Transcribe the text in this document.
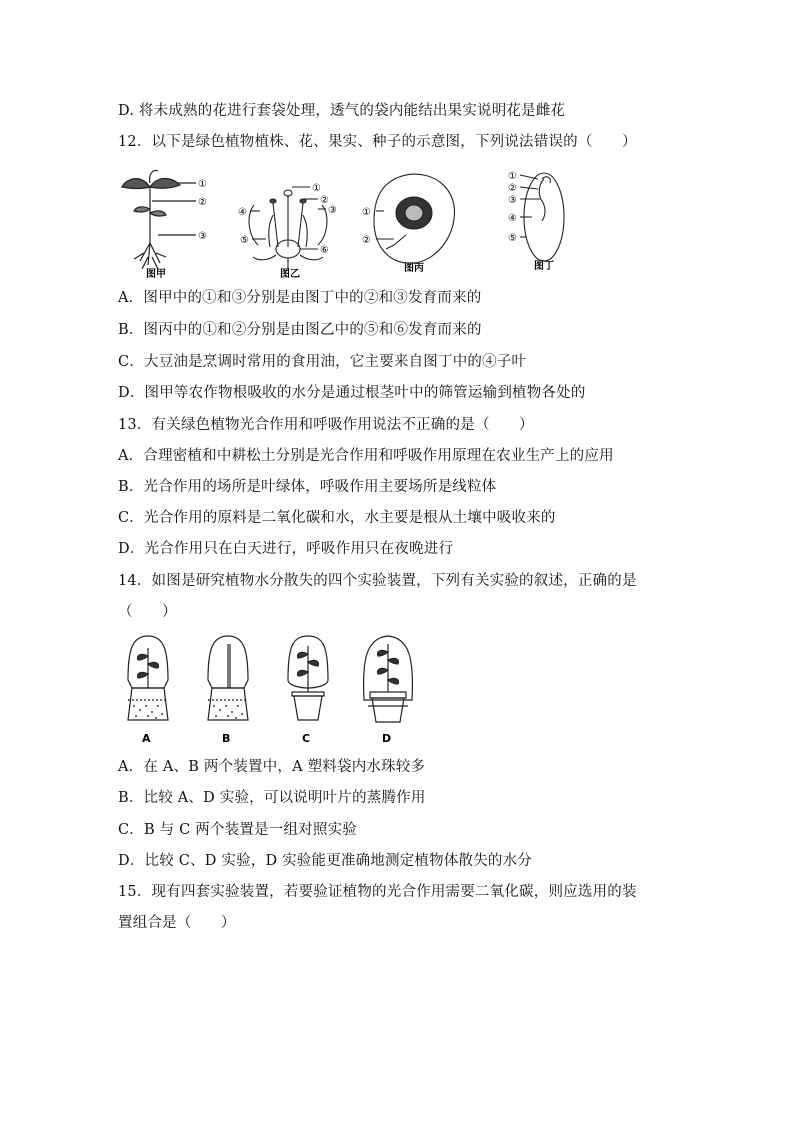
D. 将未成熟的花进行套袋处理，透气的袋内能结出果实说明花是雌花
12．以下是绿色植物植株、花、果实、种子的示意图，下列说法错误的（　　）
①
②
③
图甲
①
②
③
④
⑤
⑥
图乙
①
②
图丙
①
②
③
④
⑤
图丁
A．图甲中的①和③分别是由图丁中的②和③发育而来的
B．图丙中的①和②分别是由图乙中的⑤和⑥发育而来的
C．大豆油是烹调时常用的食用油，它主要来自图丁中的④子叶
D．图甲等农作物根吸收的水分是通过根茎叶中的筛管运输到植物各处的
13．有关绿色植物光合作用和呼吸作用说法不正确的是（　　）
A．合理密植和中耕松土分别是光合作用和呼吸作用原理在农业生产上的应用
B．光合作用的场所是叶绿体，呼吸作用主要场所是线粒体
C．光合作用的原料是二氧化碳和水，水主要是根从土壤中吸收来的
D．光合作用只在白天进行，呼吸作用只在夜晚进行
14．如图是研究植物水分散失的四个实验装置，下列有关实验的叙述，正确的是
（　　）
A	B	C	D
A．在 A、B 两个装置中，A 塑料袋内水珠较多
B．比较 A、D 实验，可以说明叶片的蒸腾作用
C．B 与 C 两个装置是一组对照实验
D．比较 C、D 实验，D 实验能更准确地测定植物体散失的水分
15．现有四套实验装置，若要验证植物的光合作用需要二氧化碳，则应选用的装
置组合是（　　）
